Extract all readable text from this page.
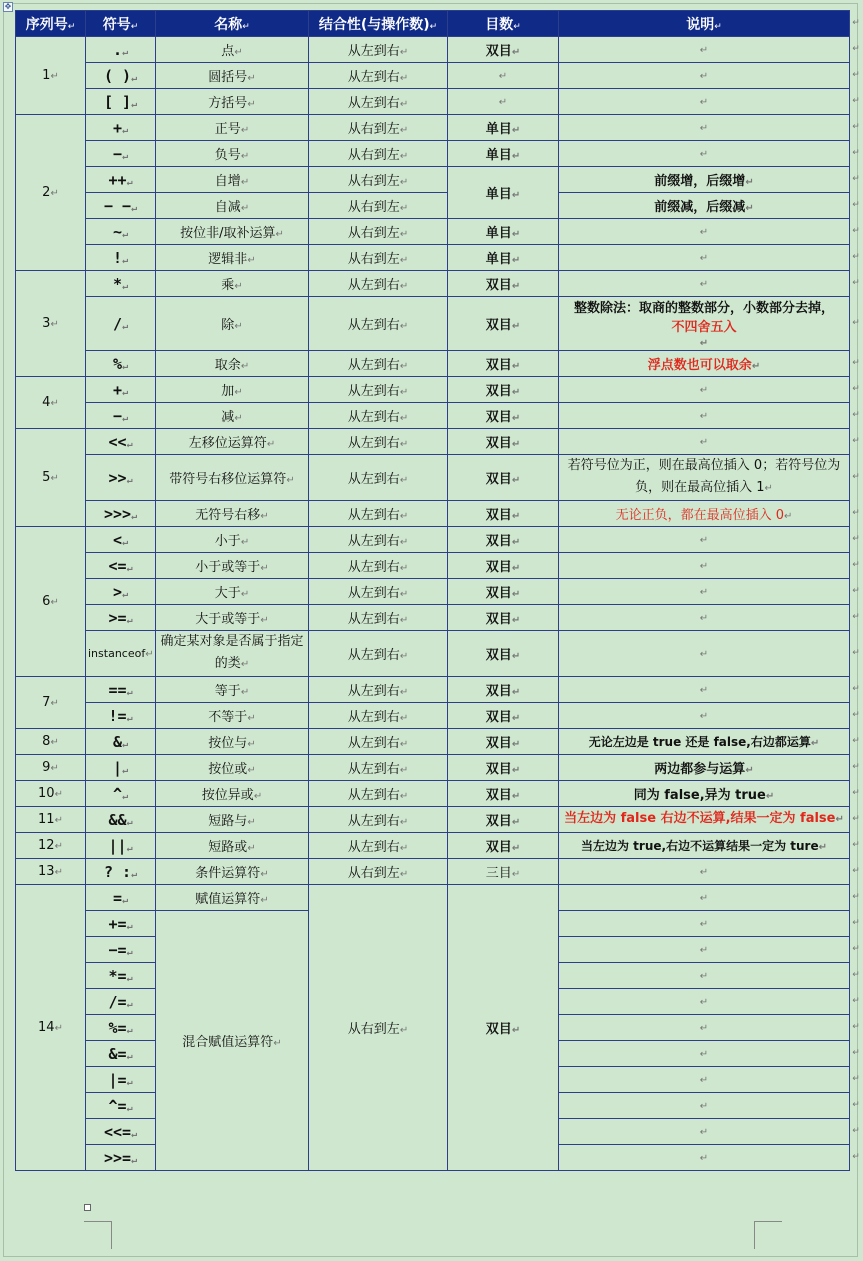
✥
序列号↵	符号↵	名称↵	结合性(与操作数)↵	目数↵	说明↵
1↵	.↵	点↵	从左到右↵	双目↵	↵
	( )↵	圆括号↵	从左到右↵	↵	↵
	[ ]↵	方括号↵	从左到右↵	↵	↵
2↵	+↵	正号↵	从右到左↵	单目↵	↵
	−↵	负号↵	从右到左↵	单目↵	↵
	++↵	自增↵	从右到左↵	单目↵	前缀增，后缀增↵
	− −↵	自减↵	从右到左↵		前缀减，后缀减↵
	~↵	按位非/取补运算↵	从右到左↵	单目↵	↵
	!↵	逻辑非↵	从右到左↵	单目↵	↵
3↵	*↵	乘↵	从左到右↵	双目↵	↵
	/↵	除↵	从左到右↵	双目↵	整数除法：取商的整数部分，小数部分去掉，
不四舍五入
↵
	%↵	取余↵	从左到右↵	双目↵	浮点数也可以取余↵
4↵	+↵	加↵	从左到右↵	双目↵	↵
	−↵	减↵	从左到右↵	双目↵	↵
5↵	<<↵	左移位运算符↵	从左到右↵	双目↵	↵
	>>↵	带符号右移位运算符↵	从左到右↵	双目↵	若符号位为正，则在最高位插入 0；若符号位为负，则在最高位插入 1↵
	>>>↵	无符号右移↵	从左到右↵	双目↵	无论正负，都在最高位插入 0↵
6↵	<↵	小于↵	从左到右↵	双目↵	↵
	<=↵	小于或等于↵	从左到右↵	双目↵	↵
	>↵	大于↵	从左到右↵	双目↵	↵
	>=↵	大于或等于↵	从左到右↵	双目↵	↵
	instanceof↵	确定某对象是否属于指定的类↵	从左到右↵	双目↵	↵
7↵	==↵	等于↵	从左到右↵	双目↵	↵
	!=↵	不等于↵	从左到右↵	双目↵	↵
8↵	&↵	按位与↵	从左到右↵	双目↵	无论左边是 true 还是 false,右边都运算↵
9↵	|↵	按位或↵	从左到右↵	双目↵	两边都参与运算↵
10↵	^↵	按位异或↵	从左到右↵	双目↵	同为 false,异为 true↵
11↵	&&↵	短路与↵	从左到右↵	双目↵	当左边为 false 右边不运算,结果一定为 false↵
12↵	||↵	短路或↵	从左到右↵	双目↵	当左边为 true,右边不运算结果一定为 ture↵
13↵	? :↵	条件运算符↵	从右到左↵	三目↵	↵
14↵	=↵	赋值运算符↵	从右到左↵	双目↵	↵
	+=↵	混合赋值运算符↵			↵
	−=↵				↵
	*=↵				↵
	/=↵				↵
	%=↵				↵
	&=↵				↵
	|=↵				↵
	^=↵				↵
	<<=↵				↵
	>>=↵				↵
↵
↵
↵
↵
↵
↵
↵
↵
↵
↵
↵
↵
↵
↵
↵
↵
↵
↵
↵
↵
↵
↵
↵
↵
↵
↵
↵
↵
↵
↵
↵
↵
↵
↵
↵
↵
↵
↵
↵
↵
↵
↵
